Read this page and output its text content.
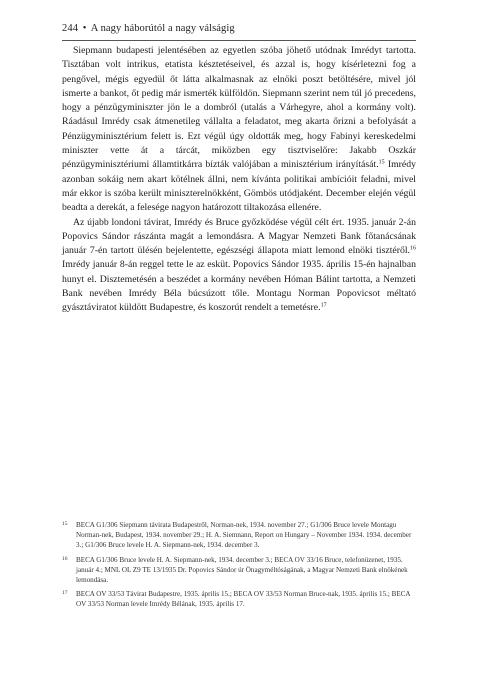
244 • A nagy háborútól a nagy válságig

Siepmann budapesti jelentésében az egyetlen szóba jöhető utódnak Imrédyt tartotta. Tisztában volt intrikus, etatista késztetéseivel, és azzal is, hogy kísérletezni fog a pengővel, mégis egyedül őt látta alkalmasnak az elnöki poszt betöltésére, mivel jól ismerte a bankot, őt pedig már ismerték külföldön. Siepmann szerint nem túl jó precedens, hogy a pénzügyminiszter jön le a dombról (utalás a Várhegyre, ahol a kormány volt). Ráadásul Imrédy csak átmenetileg vállalta a feladatot, meg akarta őrizni a befolyását a Pénzügyminisztérium felett is. Ezt végül úgy oldották meg, hogy Fabinyi kereskedelmi miniszter vette át a tárcát, miközben egy tisztviselőre: Jakabb Oszkár pénzügyminisztériumi államtitkárra bízták valójában a minisztérium irányítását.$^{15}$ Imrédy azonban sokáig nem akart kötélnek állni, nem kívánta politikai ambícióit feladni, mivel már ekkor is szóba került miniszterelnökként, Gömbös utódjaként. December elején végül beadta a derekát, a felesége nagyon határozott tiltakozása ellenére.

Az újabb londoni távirat, Imrédy és Bruce győzködése végül célt ért. 1935. január 2-án Popovics Sándor rászánta magát a lemondásra. A Magyar Nemzeti Bank főtanácsának január 7-én tartott ülésén bejelentette, egészségi állapota miatt lemond elnöki tisztéről.$^{16}$ Imrédy január 8-án reggel tette le az esküt. Popovics Sándor 1935. április 15-én hajnalban hunyt el. Disztemetésén a beszédet a kormány nevében Hóman Bálint tartotta, a Nemzeti Bank nevében Imrédy Béla búcsúzott tőle. Montagu Norman Popovicsot méltató gyásztáviratot küldött Budapestre, és koszorút rendelt a temetésre.$^{17}$

15 BECA G1/306 Siepmann távirata Budapestről, Norman-nek, 1934. november 27.; G1/306 Bruce levele Montagu Norman-nek, Budapest, 1934. november 29.; H. A. Siemnann, Report on Hungary – November 1934. 1934. december 3.; G1/306 Bruce levele H. A. Siepmann-nek, 1934. december 3.
16 BECA G1/306 Bruce levele H. A. Siepmann-nek, 1934. december 3.; BECA OV 33/16 Bruce, telefonüzenet, 1935. január 4.; MNL OL Z9 TE 13/1935 Dr. Popovics Sándor úr Önagyméltóságának, a Magyar Nemzeti Bank elnökének lemondása.
17 BECA OV 33/53 Távirat Budapestre, 1935. április 15.; BECA OV 33/53 Norman Bruce-nak, 1935. április 15.; BECA OV 33/53 Norman levele Imrédy Bélának, 1935. április 17.
